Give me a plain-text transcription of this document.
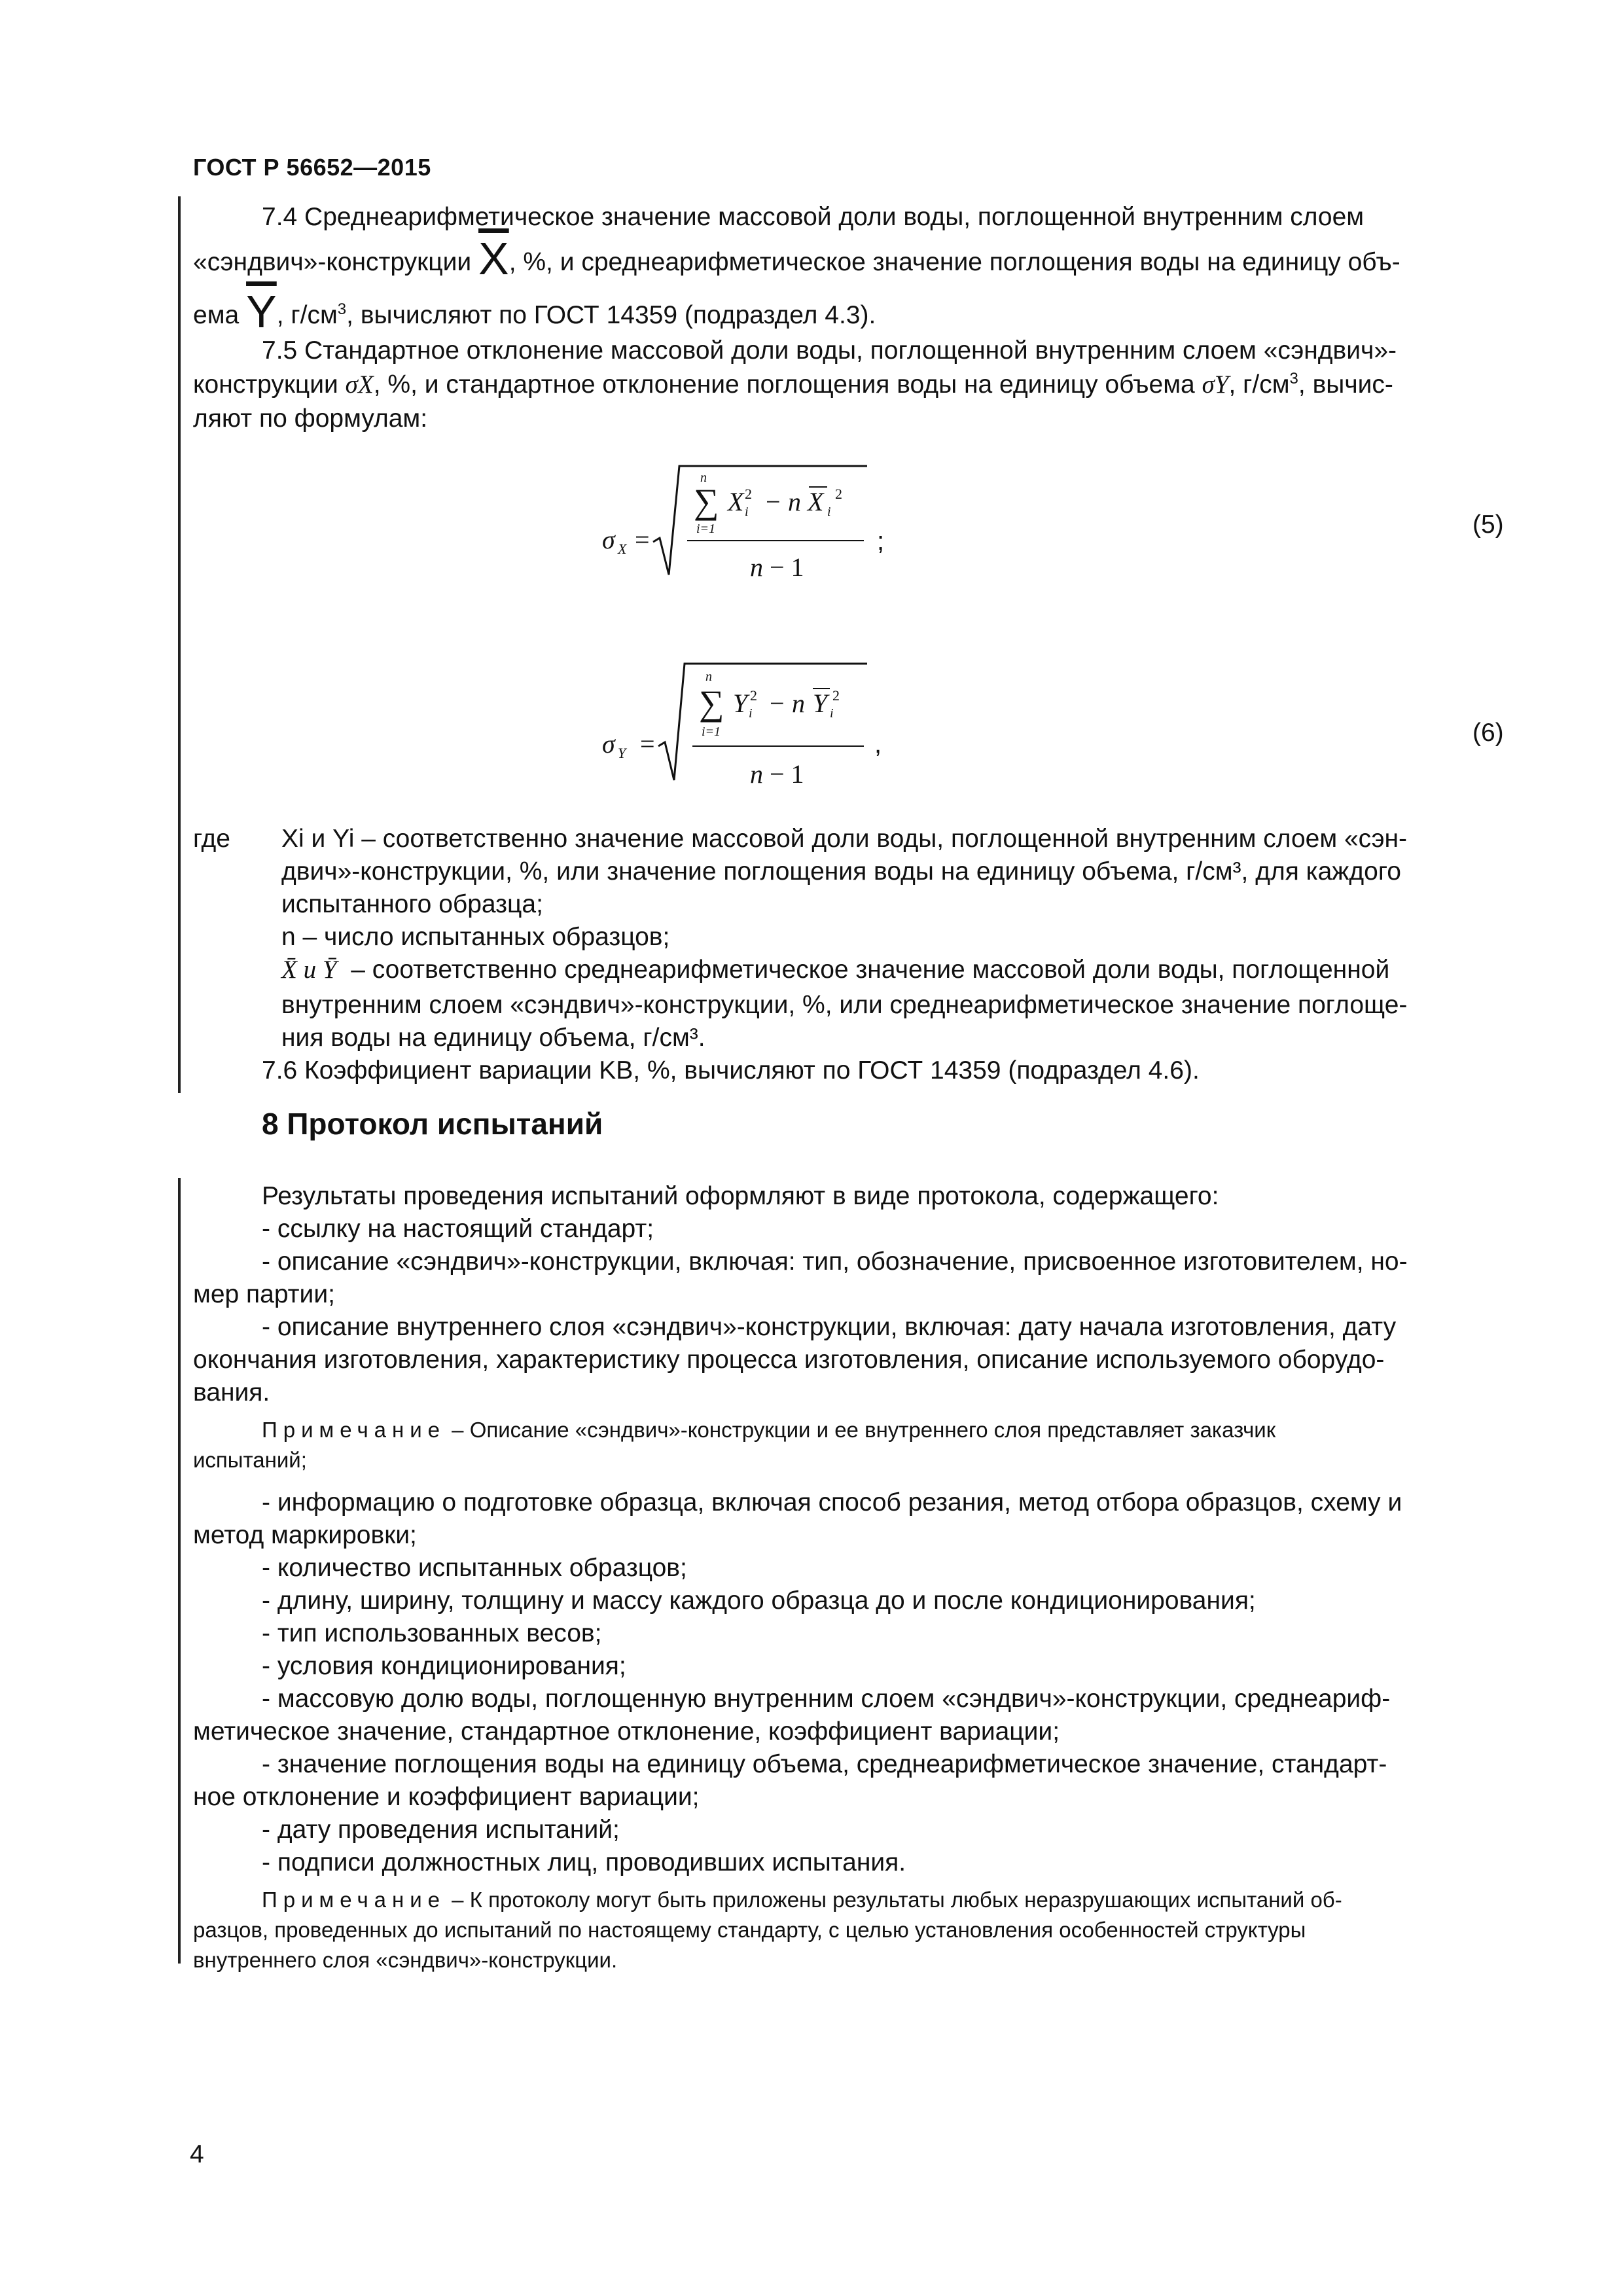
ГОСТ Р 56652—2015
7.4 Среднеарифметическое значение массовой доли воды, поглощенной внутренним слоем
«сэндвич»-конструкции $\overline{X}$, %, и среднеарифметическое значение поглощения воды на единицу объ-
ема $\overline{Y}$, $г/см^3$, вычисляют по ГОСТ 14359 (подраздел 4.3).
7.5 Стандартное отклонение массовой доли воды, поглощенной внутренним слоем «сэндвич»-
конструкции σX, %, и стандартное отклонение поглощения воды на единицу объема σY, $г/см^3$, вычис-
ляют по формулам:
σ X =
n
∑
i=1
X i
2 − n X i
2
n − 1
;
(5)
σ Y =
n
∑
i=1
Y i
2 − n Y i
2
n − 1
,	(6)
где Xi и Yi – соответственно значение массовой доли воды, поглощенной внутренним слоем «сэн-
двич»-конструкции, %, или значение поглощения воды на единицу объема, г/см³, для каждого
испытанного образца;
n – число испытанных образцов;
X̄ и Ȳ – соответственно среднеарифметическое значение массовой доли воды, поглощенной
внутренним слоем «сэндвич»-конструкции, %, или среднеарифметическое значение поглоще-
ния воды на единицу объема, г/см³.
7.6 Коэффициент вариации KB, %, вычисляют по ГОСТ 14359 (подраздел 4.6).
8 Протокол испытаний
Результаты проведения испытаний оформляют в виде протокола, содержащего:
- ссылку на настоящий стандарт;
- описание «сэндвич»-конструкции, включая: тип, обозначение, присвоенное изготовителем, но-
мер партии;
- описание внутреннего слоя «сэндвич»-конструкции, включая: дату начала изготовления, дату
окончания изготовления, характеристику процесса изготовления, описание используемого оборудо-
вания.
Примечание – Описание «сэндвич»-конструкции и ее внутреннего слоя представляет заказчик
испытаний;
- информацию о подготовке образца, включая способ резания, метод отбора образцов, схему и
метод маркировки;
- количество испытанных образцов;
- длину, ширину, толщину и массу каждого образца до и после кондиционирования;
- тип использованных весов;
- условия кондиционирования;
- массовую долю воды, поглощенную внутренним слоем «сэндвич»-конструкции, среднеариф-
метическое значение, стандартное отклонение, коэффициент вариации;
- значение поглощения воды на единицу объема, среднеарифметическое значение, стандарт-
ное отклонение и коэффициент вариации;
- дату проведения испытаний;
- подписи должностных лиц, проводивших испытания.
Примечание – К протоколу могут быть приложены результаты любых неразрушающих испытаний об-
разцов, проведенных до испытаний по настоящему стандарту, с целью установления особенностей структуры
внутреннего слоя «сэндвич»-конструкции.
4
